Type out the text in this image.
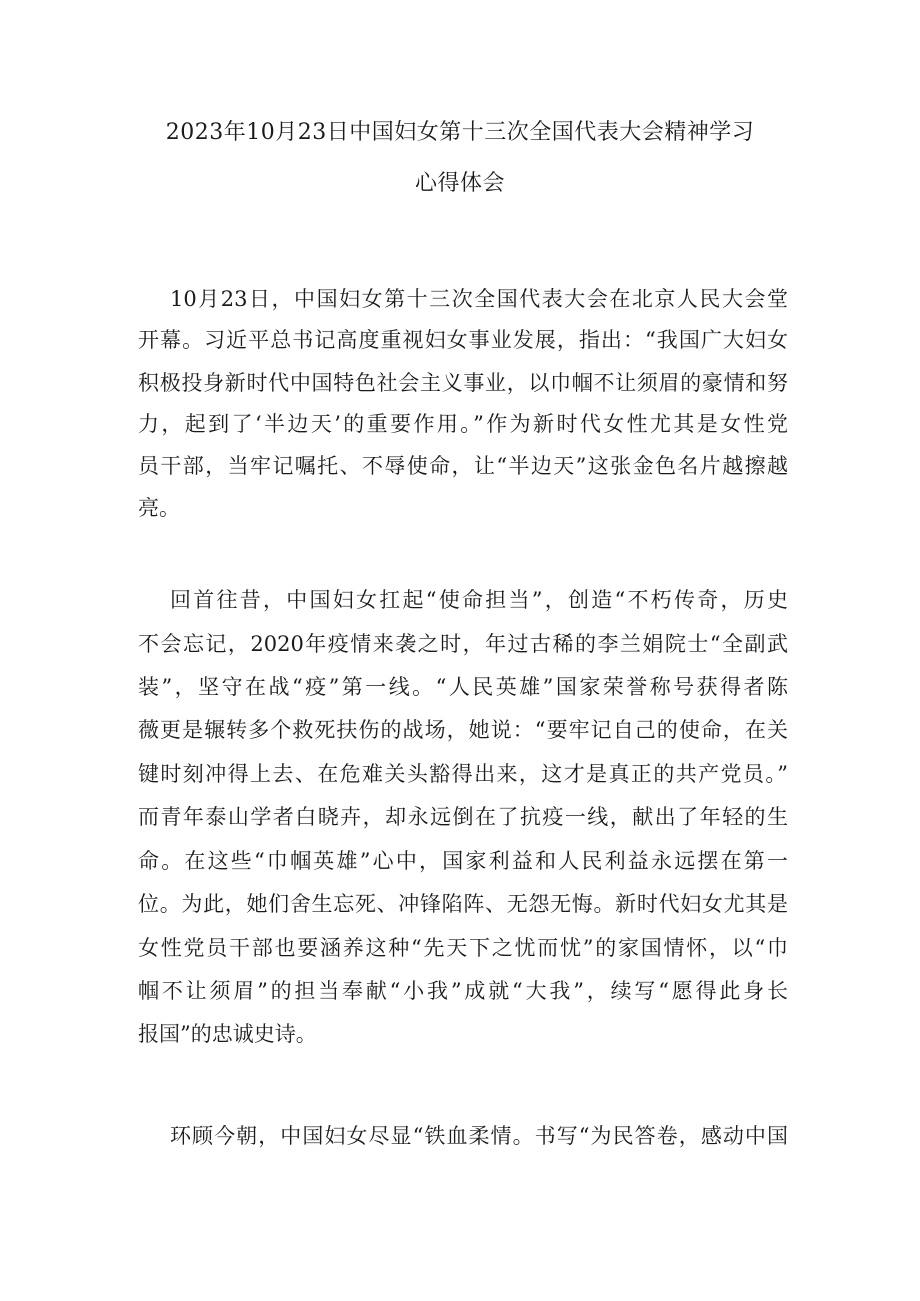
2023年10月23日中国妇女第十三次全国代表大会精神学习
心得体会
10月23日，中国妇女第十三次全国代表大会在北京人民大会堂
开幕。习近平总书记高度重视妇女事业发展，指出：“我国广大妇女
积极投身新时代中国特色社会主义事业，以巾帼不让须眉的豪情和努
力，起到了‘半边天’的重要作用。”作为新时代女性尤其是女性党
员干部，当牢记嘱托、不辱使命，让“半边天”这张金色名片越擦越
亮。
回首往昔，中国妇女扛起“使命担当”，创造“不朽传奇，历史
不会忘记，2020年疫情来袭之时，年过古稀的李兰娟院士“全副武
装”，坚守在战“疫”第一线。“人民英雄”国家荣誉称号获得者陈
薇更是辗转多个救死扶伤的战场，她说：“要牢记自己的使命，在关
键时刻冲得上去、在危难关头豁得出来，这才是真正的共产党员。”
而青年泰山学者白晓卉，却永远倒在了抗疫一线，献出了年轻的生
命。在这些“巾帼英雄”心中，国家利益和人民利益永远摆在第一
位。为此，她们舍生忘死、冲锋陷阵、无怨无悔。新时代妇女尤其是
女性党员干部也要涵养这种“先天下之忧而忧”的家国情怀，以“巾
帼不让须眉”的担当奉献“小我”成就“大我”，续写“愿得此身长
报国”的忠诚史诗。
环顾今朝，中国妇女尽显“铁血柔情。书写“为民答卷，感动中国
